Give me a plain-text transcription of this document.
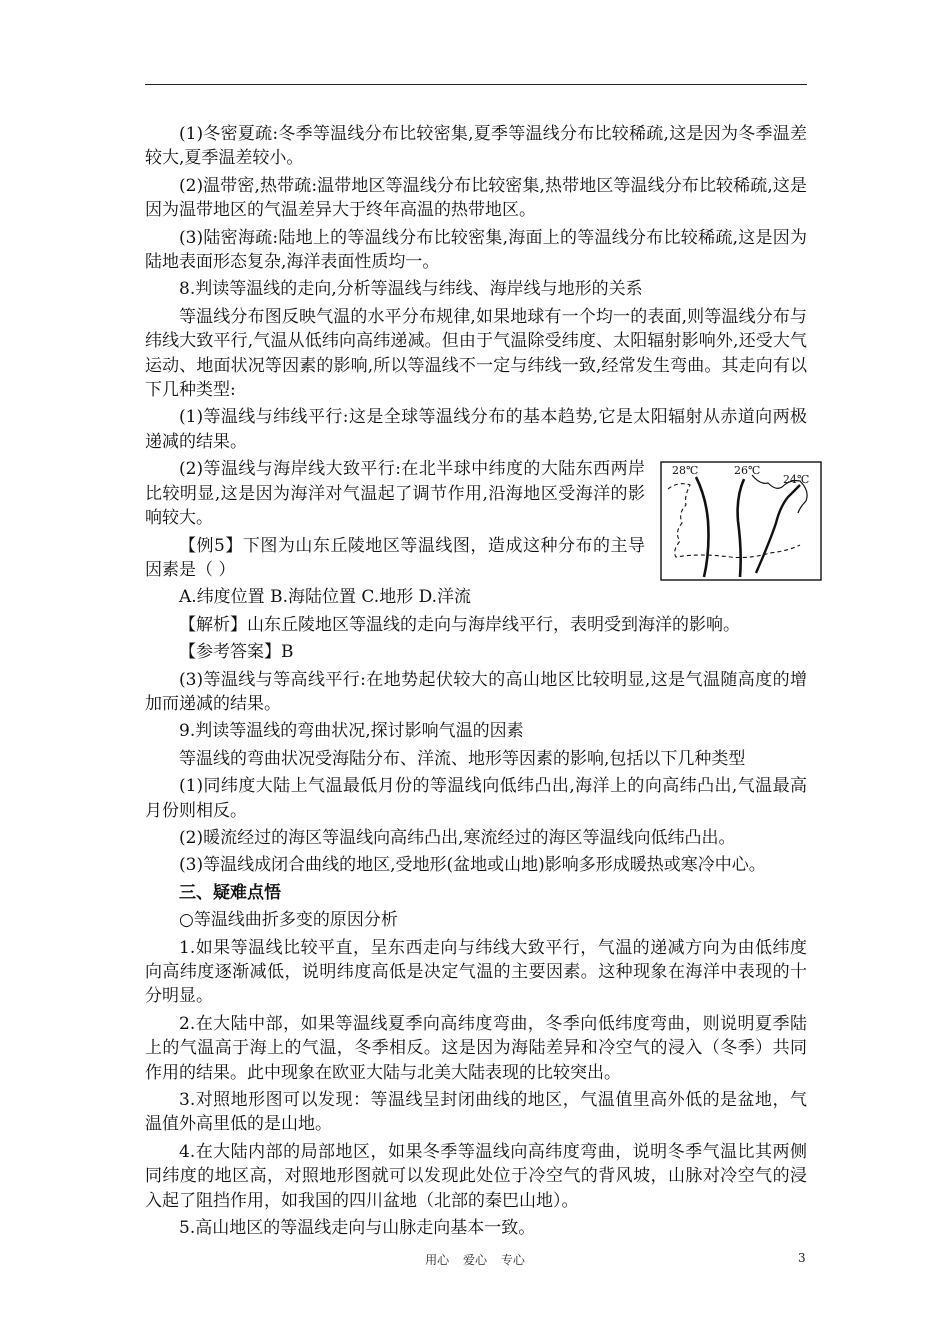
(1)冬密夏疏:冬季等温线分布比较密集,夏季等温线分布比较稀疏,这是因为冬季温差较大,夏季温差较小。

(2)温带密,热带疏:温带地区等温线分布比较密集,热带地区等温线分布比较稀疏,这是因为温带地区的气温差异大于终年高温的热带地区。

(3)陆密海疏:陆地上的等温线分布比较密集,海面上的等温线分布比较稀疏,这是因为陆地表面形态复杂,海洋表面性质均一。

8.判读等温线的走向,分析等温线与纬线、海岸线与地形的关系

等温线分布图反映气温的水平分布规律,如果地球有一个均一的表面,则等温线分布与纬线大致平行,气温从低纬向高纬递减。但由于气温除受纬度、太阳辐射影响外,还受大气运动、地面状况等因素的影响,所以等温线不一定与纬线一致,经常发生弯曲。其走向有以下几种类型:

(1)等温线与纬线平行:这是全球等温线分布的基本趋势,它是太阳辐射从赤道向两极递减的结果。

(2)等温线与海岸线大致平行:在北半球中纬度的大陆东西两岸比较明显,这是因为海洋对气温起了调节作用,沿海地区受海洋的影响较大。

【例5】下图为山东丘陵地区等温线图，造成这种分布的主导因素是（ ）

28℃	26℃
24℃

A.纬度位置 B.海陆位置 C.地形 D.洋流

【解析】山东丘陵地区等温线的走向与海岸线平行，表明受到海洋的影响。

【参考答案】B

(3)等温线与等高线平行:在地势起伏较大的高山地区比较明显,这是气温随高度的增加而递减的结果。

9.判读等温线的弯曲状况,探讨影响气温的因素

等温线的弯曲状况受海陆分布、洋流、地形等因素的影响,包括以下几种类型

(1)同纬度大陆上气温最低月份的等温线向低纬凸出,海洋上的向高纬凸出,气温最高月份则相反。

(2)暖流经过的海区等温线向高纬凸出,寒流经过的海区等温线向低纬凸出。

(3)等温线成闭合曲线的地区,受地形(盆地或山地)影响多形成暖热或寒冷中心。

三、疑难点悟

○等温线曲折多变的原因分析

1.如果等温线比较平直，呈东西走向与纬线大致平行，气温的递减方向为由低纬度向高纬度逐渐减低，说明纬度高低是决定气温的主要因素。这种现象在海洋中表现的十分明显。

2.在大陆中部，如果等温线夏季向高纬度弯曲，冬季向低纬度弯曲，则说明夏季陆上的气温高于海上的气温，冬季相反。这是因为海陆差异和冷空气的浸入（冬季）共同作用的结果。此中现象在欧亚大陆与北美大陆表现的比较突出。

3.对照地形图可以发现：等温线呈封闭曲线的地区，气温值里高外低的是盆地，气温值外高里低的是山地。

4.在大陆内部的局部地区，如果冬季等温线向高纬度弯曲，说明冬季气温比其两侧同纬度的地区高，对照地形图就可以发现此处位于冷空气的背风坡，山脉对冷空气的浸入起了阻挡作用，如我国的四川盆地（北部的秦巴山地）。

5.高山地区的等温线走向与山脉走向基本一致。

用心 爱心 专心	3
